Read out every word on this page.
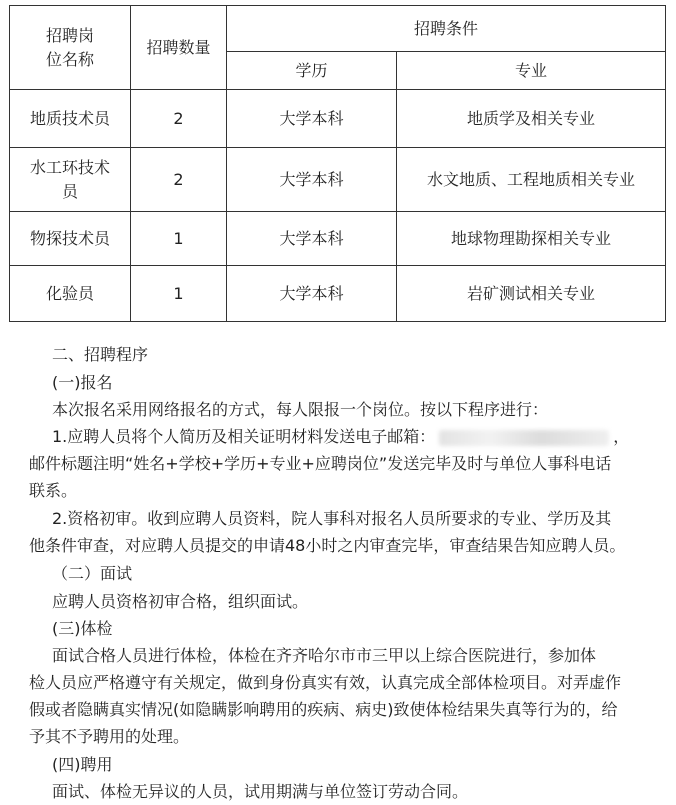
招聘岗
位名称	招聘数量	招聘条件	
		学历	专业
地质技术员	2	大学本科	地质学及相关专业
水工环技术
员	2	大学本科	水文地质、工程地质相关专业
物探技术员	1	大学本科	地球物理勘探相关专业
化验员	1	大学本科	岩矿测试相关专业
二、招聘程序
(一)报名
本次报名采用网络报名的方式，每人限报一个岗位。按以下程序进行：
1.应聘人员将个人简历及相关证明材料发送电子邮箱：	，
邮件标题注明“姓名+学校+学历+专业+应聘岗位”发送完毕及时与单位人事科电话
联系。
2.资格初审。收到应聘人员资料，院人事科对报名人员所要求的专业、学历及其
他条件审查，对应聘人员提交的申请48小时之内审查完毕，审查结果告知应聘人员。
（二）面试
应聘人员资格初审合格，组织面试。
(三)体检
面试合格人员进行体检，体检在齐齐哈尔市市三甲以上综合医院进行，参加体
检人员应严格遵守有关规定，做到身份真实有效，认真完成全部体检项目。对弄虚作
假或者隐瞒真实情况(如隐瞒影响聘用的疾病、病史)致使体检结果失真等行为的，给
予其不予聘用的处理。
(四)聘用
面试、体检无异议的人员，试用期满与单位签订劳动合同。
